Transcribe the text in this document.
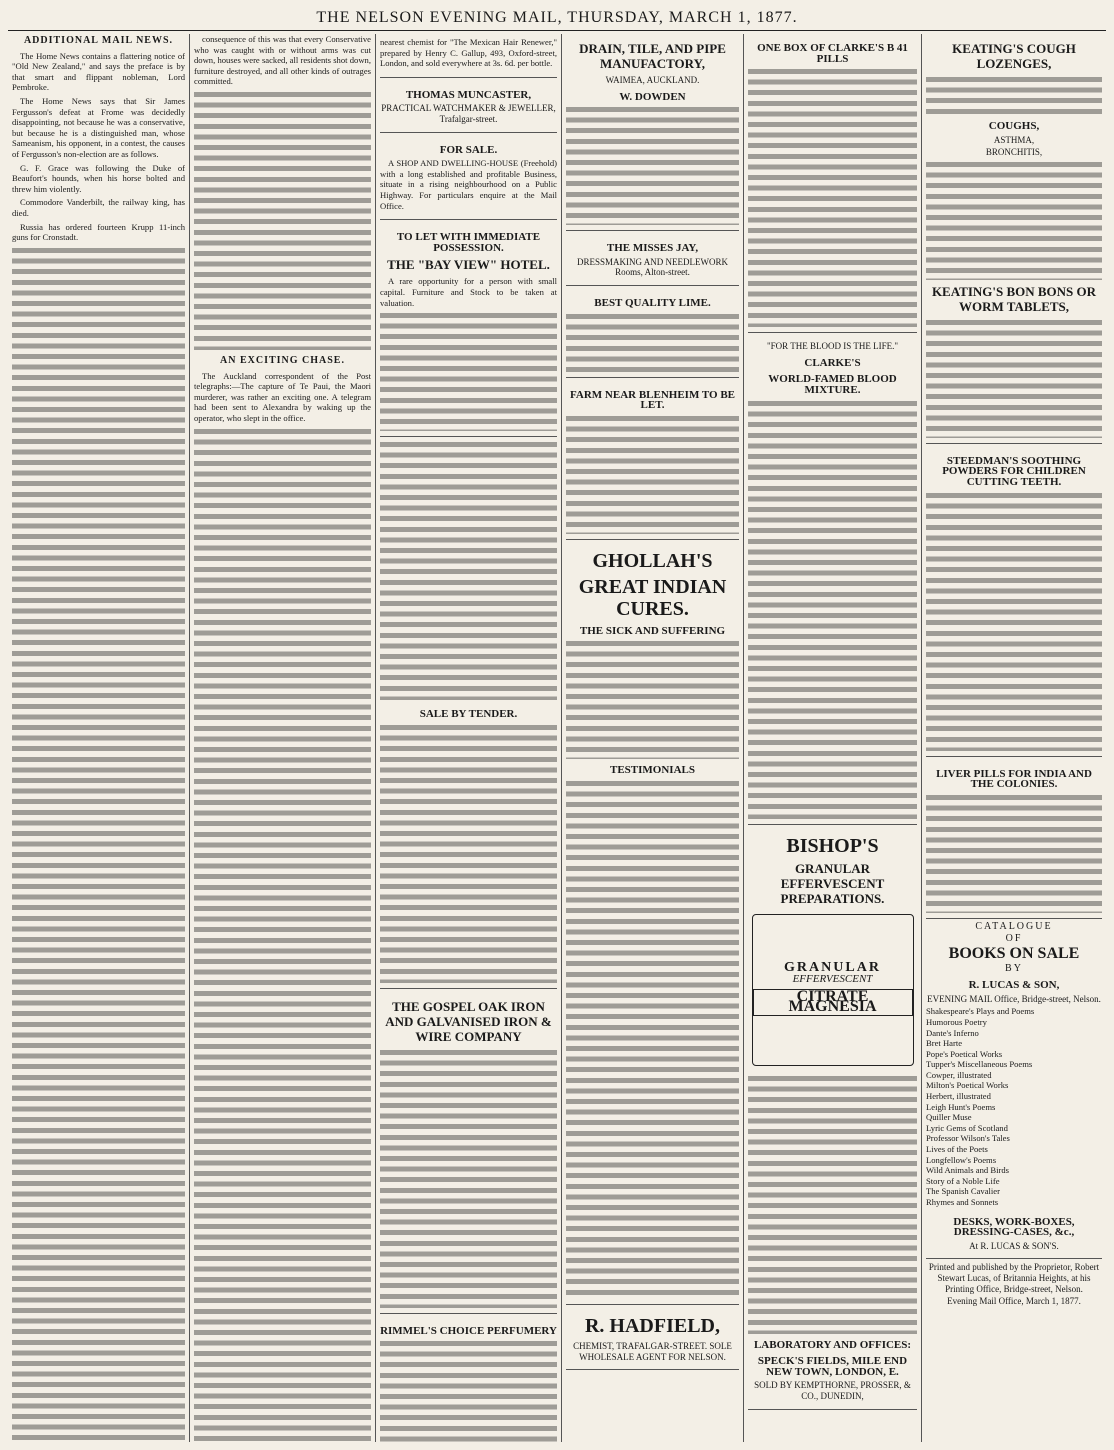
THE NELSON EVENING MAIL, THURSDAY, MARCH 1, 1877.
ADDITIONAL MAIL NEWS.

The Home News contains a flattering notice of "Old New Zealand," and says the preface is by that smart and flippant nobleman, Lord Pembroke.

The Home News says that Sir James Fergusson's defeat at Frome was decidedly disappointing, not because he was a conservative, but because he is a distinguished man, whose Sameanism, his opponent, in a contest, the causes of Fergusson's non-election are as follows.

G. F. Grace was following the Duke of Beaufort's hounds, when his horse bolted and threw him violently.

Commodore Vanderbilt, the railway king, has died.

Russia has ordered fourteen Krupp 11-inch guns for Cronstadt.

consequence of this was that every Conservative who was caught with or without arms was cut down, houses were sacked, all residents shot down, furniture destroyed, and all other kinds of outrages committed.

AN EXCITING CHASE.

The Auckland correspondent of the Post telegraphs:—The capture of Te Paui, the Maori murderer, was rather an exciting one. A telegram had been sent to Alexandra by waking up the operator, who slept in the office.

nearest chemist for "The Mexican Hair Renewer," prepared by Henry C. Gallup, 493, Oxford-street, London, and sold everywhere at 3s. 6d. per bottle.

THOMAS MUNCASTER,
PRACTICAL WATCHMAKER & JEWELLER, Trafalgar-street.
FOR SALE.

A SHOP AND DWELLING-HOUSE (Freehold) with a long established and profitable Business, situate in a rising neighbourhood on a Public Highway. For particulars enquire at the Mail Office.

TO LET WITH IMMEDIATE POSSESSION.
THE "BAY VIEW" HOTEL.

A rare opportunity for a person with small capital. Furniture and Stock to be taken at valuation.

SALE BY TENDER.
THE GOSPEL OAK IRON AND GALVANISED IRON & WIRE COMPANY
RIMMEL'S CHOICE PERFUMERY
DRAIN, TILE, AND PIPE MANUFACTORY,
WAIMEA, AUCKLAND.
W. DOWDEN
THE MISSES JAY,
DRESSMAKING AND NEEDLEWORK Rooms, Alton-street.
BEST QUALITY LIME.
FARM NEAR BLENHEIM TO BE LET.
GHOLLAH'S
GREAT INDIAN CURES.
THE SICK AND SUFFERING
TESTIMONIALS
R. HADFIELD,
CHEMIST, TRAFALGAR-STREET. SOLE WHOLESALE AGENT FOR NELSON.
ONE BOX OF CLARKE'S B 41 PILLS
"FOR THE BLOOD IS THE LIFE."
CLARKE'S
WORLD-FAMED BLOOD MIXTURE.
BISHOP'S
GRANULAR EFFERVESCENT PREPARATIONS.
GRANULAR
EFFERVESCENT
CITRATE MAGNESIA
LABORATORY AND OFFICES:
SPECK'S FIELDS, MILE END NEW TOWN, LONDON, E.
SOLD BY KEMPTHORNE, PROSSER, & CO., DUNEDIN,
KEATING'S COUGH LOZENGES,
COUGHS,
ASTHMA,
BRONCHITIS,
KEATING'S BON BONS OR WORM TABLETS,
STEEDMAN'S SOOTHING POWDERS FOR CHILDREN CUTTING TEETH.
LIVER PILLS FOR INDIA AND THE COLONIES.
CATALOGUE
OF
BOOKS ON SALE
BY
R. LUCAS & SON,
EVENING MAIL Office, Bridge-street, Nelson.

Shakespeare's Plays and Poems

Humorous Poetry

Dante's Inferno

Bret Harte

Pope's Poetical Works

Tupper's Miscellaneous Poems

Cowper, illustrated

Milton's Poetical Works

Herbert, illustrated

Leigh Hunt's Poems

Quiller Muse

Lyric Gems of Scotland

Professor Wilson's Tales

Lives of the Poets

Longfellow's Poems

Wild Animals and Birds

Story of a Noble Life

The Spanish Cavalier

Rhymes and Sonnets

DESKS, WORK-BOXES, DRESSING-CASES, &c.,
At R. LUCAS & SON'S.
Printed and published by the Proprietor, Robert Stewart Lucas, of Britannia Heights, at his Printing Office, Bridge-street, Nelson.
Evening Mail Office, March 1, 1877.
